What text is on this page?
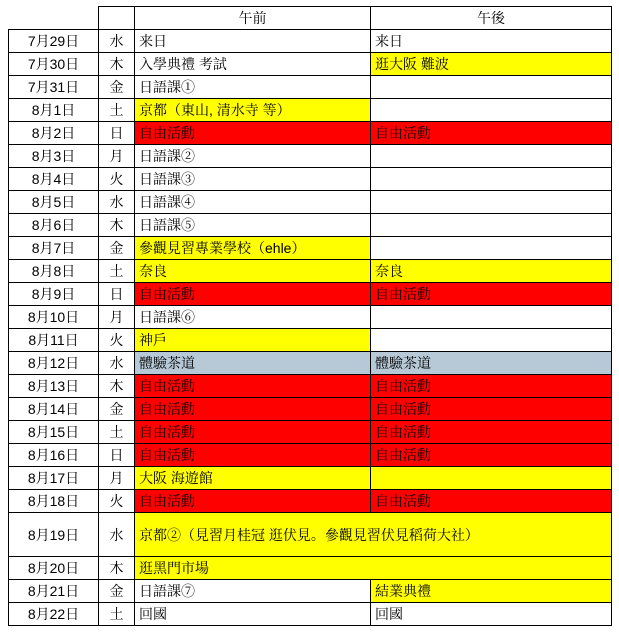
		午前	午後
7月29日	水	来日	来日
7月30日	木	入學典禮 考試	逛大阪 難波
7月31日	金	日語課①	
8月1日	土	京都（東山, 清水寺 等）	
8月2日	日	自由活動	自由活動
8月3日	月	日語課②	
8月4日	火	日語課③	
8月5日	水	日語課④	
8月6日	木	日語課⑤	
8月7日	金	參觀見習專業學校（ehle）	
8月8日	土	奈良	奈良
8月9日	日	自由活動	自由活動
8月10日	月	日語課⑥	
8月11日	火	神戶	
8月12日	水	體驗茶道	體驗茶道
8月13日	木	自由活動	自由活動
8月14日	金	自由活動	自由活動
8月15日	土	自由活動	自由活動
8月16日	日	自由活動	自由活動
8月17日	月	大阪 海遊館	
8月18日	火	自由活動	自由活動
8月19日	水	京都②（見習月桂冠 逛伏見。參觀見習伏見稻荷大社）	
8月20日	木	逛黑門市場	
8月21日	金	日語課⑦	結業典禮
8月22日	土	回國	回國
